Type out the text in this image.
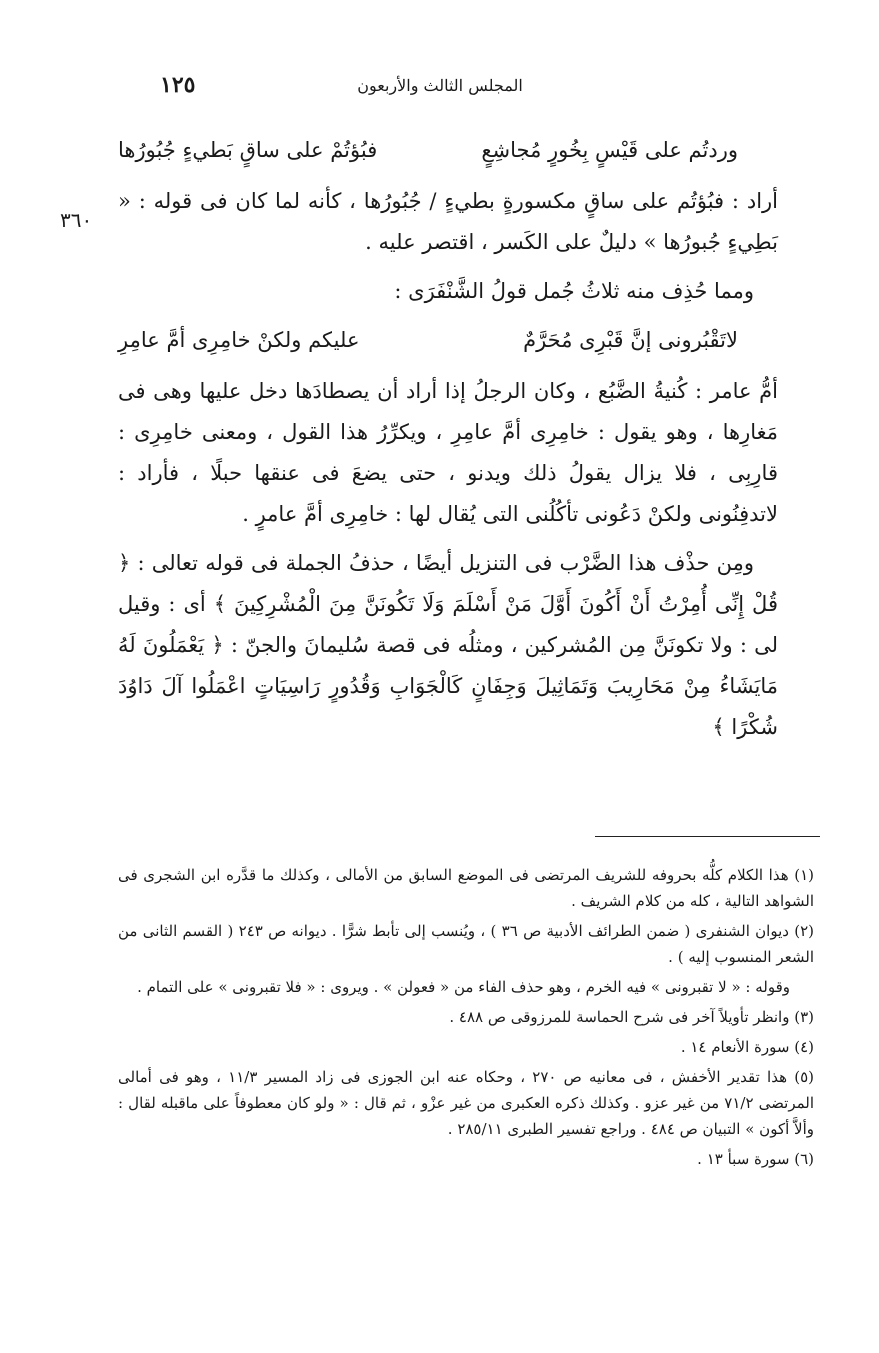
المجلس الثالث والأربعون
١٢٥
٣٦٠
وردتُم على قَيْسٍ بِخُورٍ مُجاشِعٍ
فبُؤتُمْ على ساقٍ بَطيءٍ جُبُورُها

أراد : فبُؤتُم على ساقٍ مكسورةٍ بطيءٍ / جُبُورُها ، كأنه لما كان فى قوله : « بَطِيءٍ جُبورُها » دليلٌ على الكَسر ، اقتصر عليه .

ومما حُذِف منه ثلاثُ جُمل قولُ الشَّنْفَرَى :

لاتَقْبُرونى إنَّ قَبْرِى مُحَرَّمٌ
عليكم ولكنْ خامِرِى أمَّ عامِرِ

أمُّ عامر : كُنيةُ الضَّبُع ، وكان الرجلُ إذا أراد أن يصطادَها دخل عليها وهى فى مَغارِها ، وهو يقول : خامِرِى أمَّ عامِرِ ، ويكرِّرُ هذا القول ، ومعنى خامِرِى : قارِبِى ، فلا يزال يقولُ ذلك ويدنو ، حتى يضعَ فى عنقها حبلًا ، فأراد : لاتدفِنُونى ولكنْ دَعُونى تأكُلُنى التى يُقال لها : خامِرِى أمَّ عامرٍ .

ومِن حذْف هذا الضَّرْب فى التنزيل أيضًا ، حذفُ الجملة فى قوله تعالى : ﴿ قُلْ إِنِّى أُمِرْتُ أَنْ أَكُونَ أَوَّلَ مَنْ أَسْلَمَ وَلَا تَكُونَنَّ مِنَ الْمُشْرِكِينَ ﴾ أى : وقيل لى : ولا تكونَنَّ مِن المُشركين ، ومثلُه فى قصة سُليمانَ والجنّ : ﴿ يَعْمَلُونَ لَهُ مَايَشَاءُ مِنْ مَحَارِيبَ وَتَمَاثِيلَ وَجِفَانٍ كَالْجَوَابِ وَقُدُورٍ رَاسِيَاتٍ اعْمَلُوا آلَ دَاوُدَ شُكْرًا ﴾

(١) هذا الكلام كلُّه بحروفه للشريف المرتضى فى الموضع السابق من الأمالى ، وكذلك ما قدَّره ابن الشجرى فى الشواهد التالية ، كله من كلام الشريف .

(٢) ديوان الشنفرى ( ضمن الطرائف الأدبية ص ٣٦ ) ، ويُنسب إلى تأبط شرًّا . ديوانه ص ٢٤٣ ( القسم الثانى من الشعر المنسوب إليه ) .

وقوله : « لا تقبرونى » فيه الخرم ، وهو حذف الفاء من « فعولن » . ويروى : « فلا تقبرونى » على التمام .

(٣) وانظر تأويلاً آخر فى شرح الحماسة للمرزوقى ص ٤٨٨ .

(٤) سورة الأنعام ١٤ .

(٥) هذا تقدير الأخفش ، فى معانيه ص ٢٧٠ ، وحكاه عنه ابن الجوزى فى زاد المسير ١١/٣ ، وهو فى أمالى المرتضى ٧١/٢ من غير عزو . وكذلك ذكره العكبرى من غير عزْو ، ثم قال : « ولو كان معطوفاً على ماقبله لقال : وألاَّ أكون » التبيان ص ٤٨٤ . وراجع تفسير الطبرى ٢٨٥/١١ .

(٦) سورة سبأ ١٣ .
